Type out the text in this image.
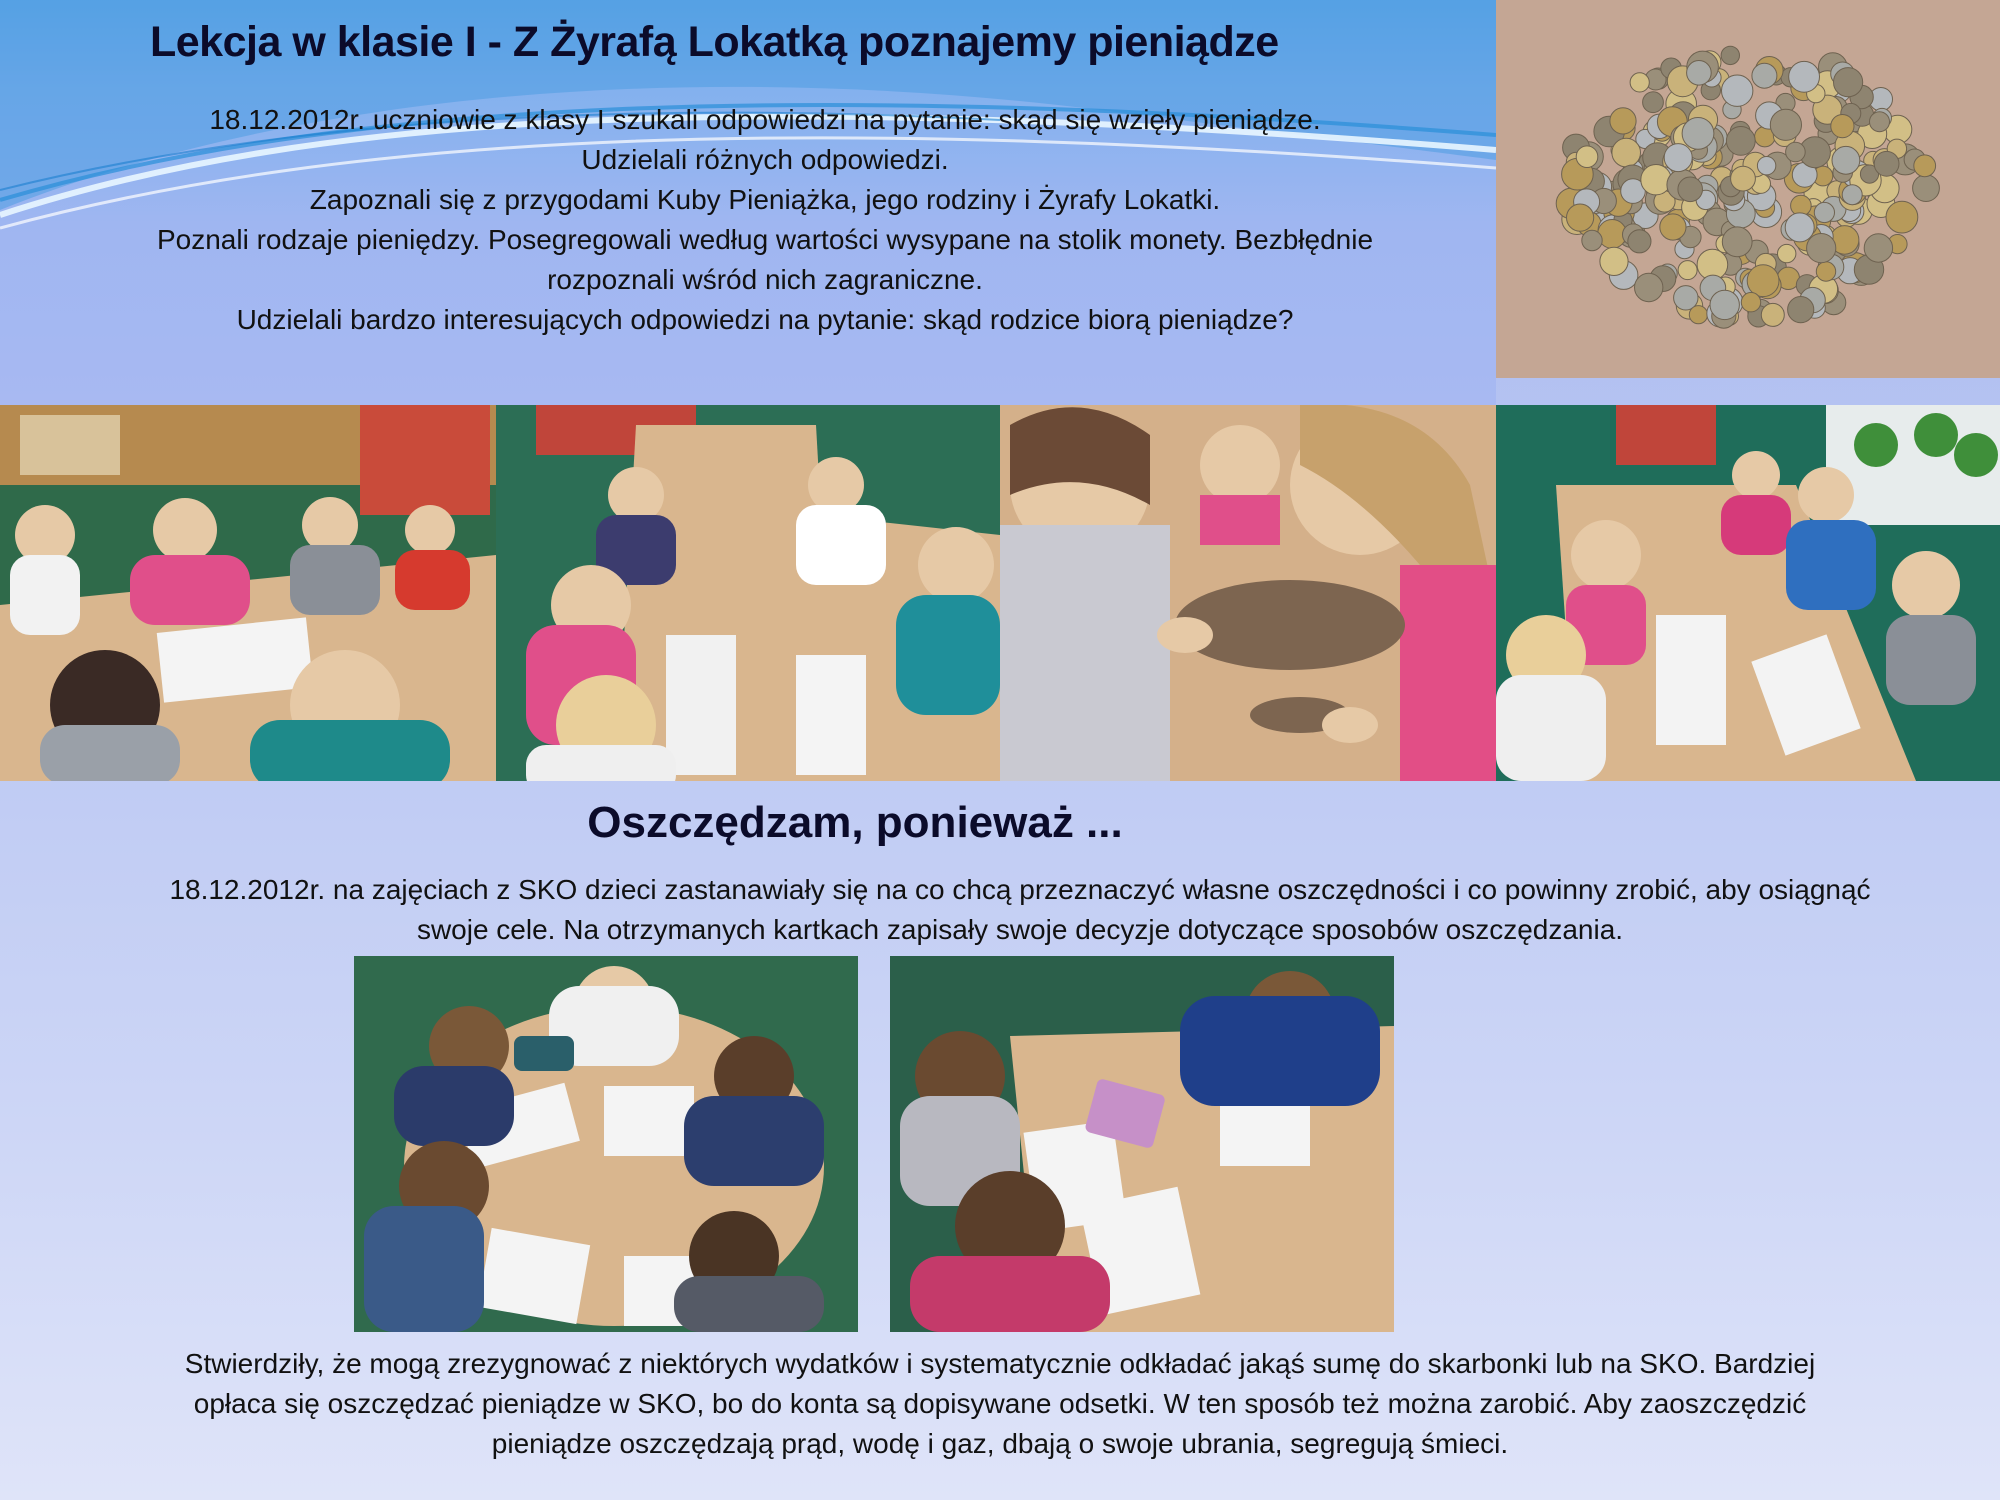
Lekcja w klasie I - Z Żyrafą Lokatką poznajemy pieniądze
18.12.2012r. uczniowie z klasy I szukali odpowiedzi na pytanie: skąd się wzięły pieniądze.
Udzielali różnych odpowiedzi.
Zapoznali się z przygodami Kuby Pieniążka, jego rodziny i Żyrafy Lokatki.
Poznali rodzaje pieniędzy. Posegregowali według wartości wysypane na stolik monety. Bezbłędnie
rozpoznali wśród nich zagraniczne.
Udzielali bardzo interesujących odpowiedzi na pytanie: skąd rodzice biorą pieniądze?
Oszczędzam, ponieważ ...
18.12.2012r. na zajęciach z SKO dzieci zastanawiały się na co chcą przeznaczyć własne oszczędności i co powinny zrobić, aby osiągnąć
swoje cele. Na otrzymanych kartkach zapisały swoje decyzje dotyczące sposobów oszczędzania.
Stwierdziły, że mogą zrezygnować z niektórych wydatków i systematycznie odkładać jakąś sumę do skarbonki lub na SKO. Bardziej
opłaca się oszczędzać pieniądze w SKO, bo do konta są dopisywane odsetki. W ten sposób też można zarobić. Aby zaoszczędzić
pieniądze oszczędzają prąd, wodę i gaz, dbają o swoje ubrania, segregują śmieci.
